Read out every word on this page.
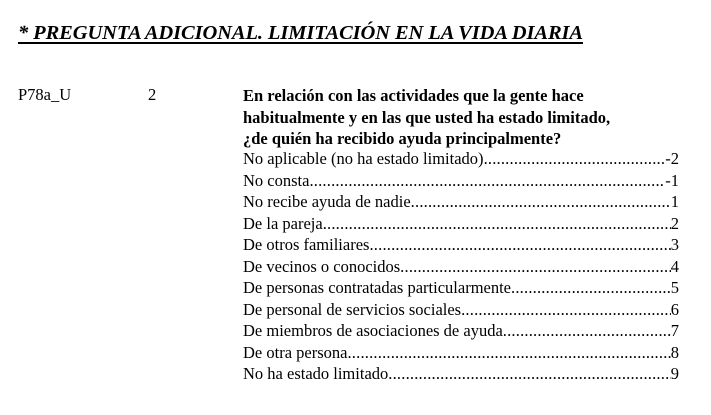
* PREGUNTA ADICIONAL. LIMITACIÓN EN LA VIDA DIARIA
P78a_U	2	En relación con las actividades que la gente hace
habitualmente y en las que usted ha estado limitado,
¿de quién ha recibido ayuda principalmente?
No aplicable (no ha estado limitado) .....	-2
No consta .....	-1
No recibe ayuda de nadie .....	1
De la pareja .....	2
De otros familiares .....	3
De vecinos o conocidos .....	4
De personas contratadas particularmente .....	5
De personal de servicios sociales .....	6
De miembros de asociaciones de ayuda .....	7
De otra persona .....	8
No ha estado limitado .....	9
